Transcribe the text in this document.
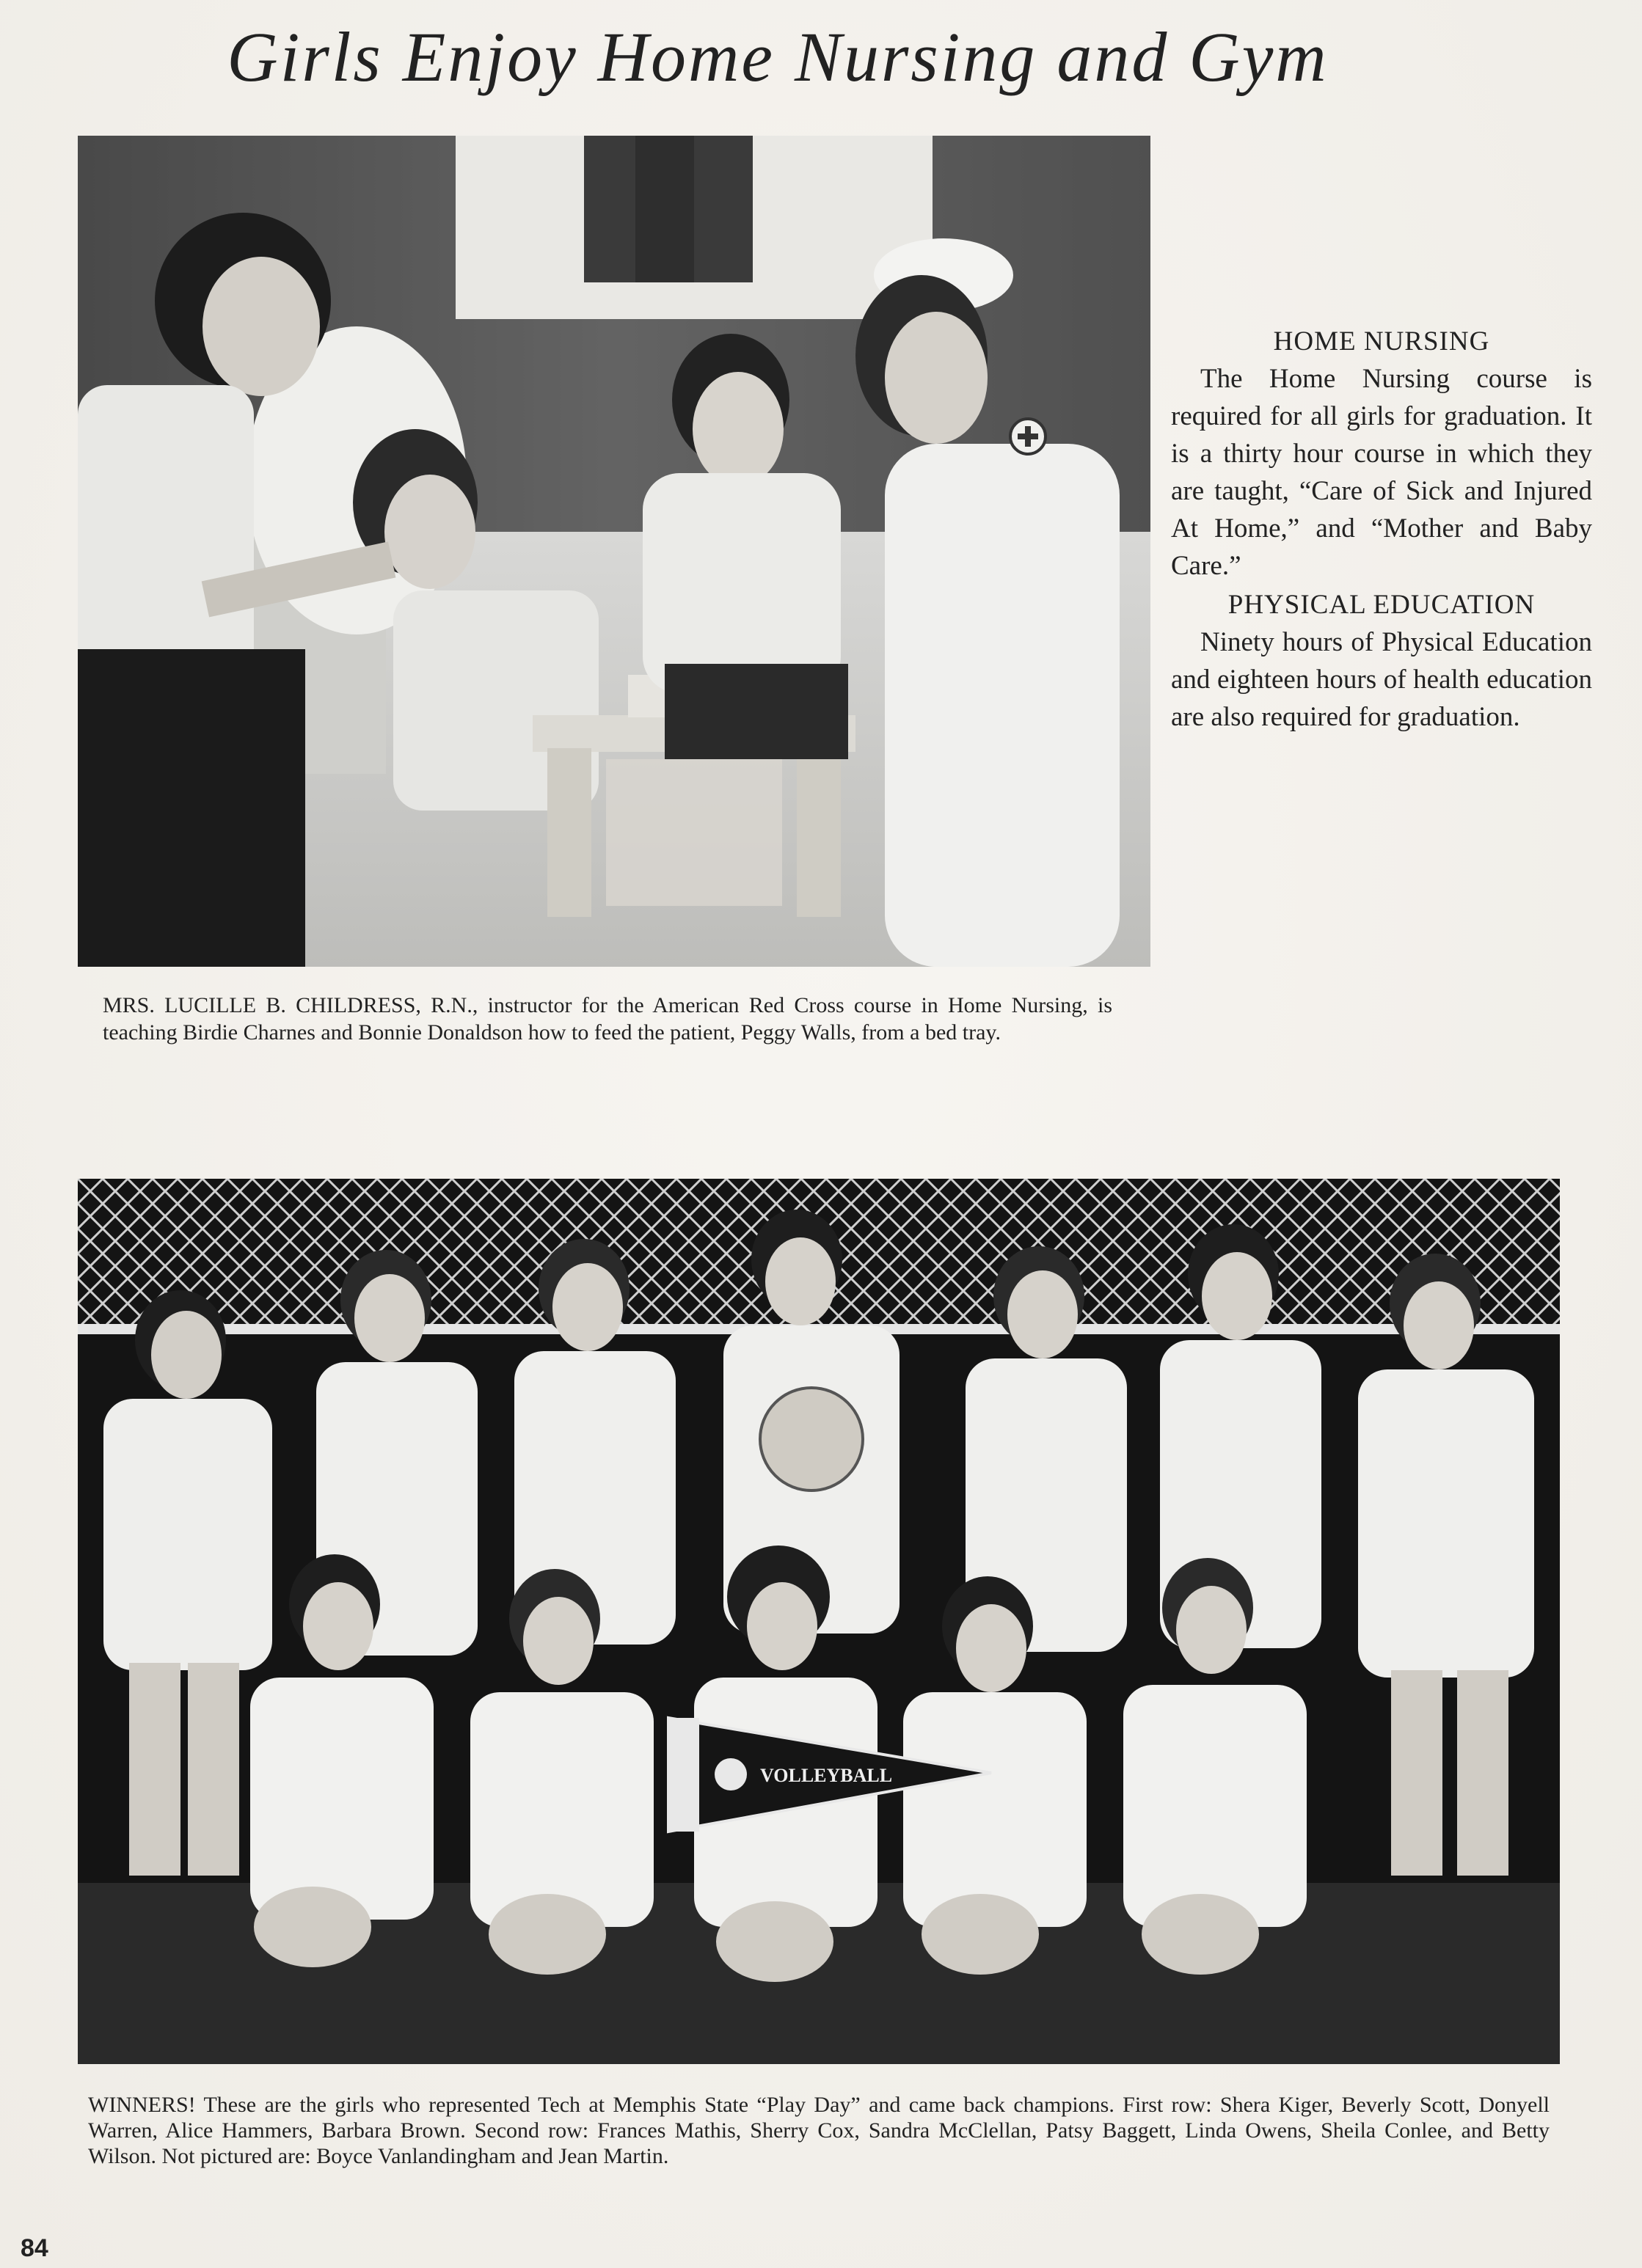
Girls Enjoy Home Nursing and Gym
HOME NURSING

The Home Nursing course is required for all girls for graduation. It is a thirty hour course in which they are taught, “Care of Sick and Injured At Home,” and “Mother and Baby Care.”

PHYSICAL EDUCATION

Ninety hours of Physical Education and eighteen hours of health education are also required for graduation.

MRS. LUCILLE B. CHILDRESS, R.N., instructor for the American Red Cross course in Home Nursing, is teaching Birdie Charnes and Bonnie Donaldson how to feed the patient, Peggy Walls, from a bed tray.
VOLLEYBALL
WINNERS! These are the girls who represented Tech at Memphis State “Play Day” and came back champions. First row: Shera Kiger, Beverly Scott, Donyell Warren, Alice Hammers, Barbara Brown. Second row: Frances Mathis, Sherry Cox, Sandra McClellan, Patsy Baggett, Linda Owens, Sheila Conlee, and Betty Wilson. Not pictured are: Boyce Vanlandingham and Jean Martin.
84
